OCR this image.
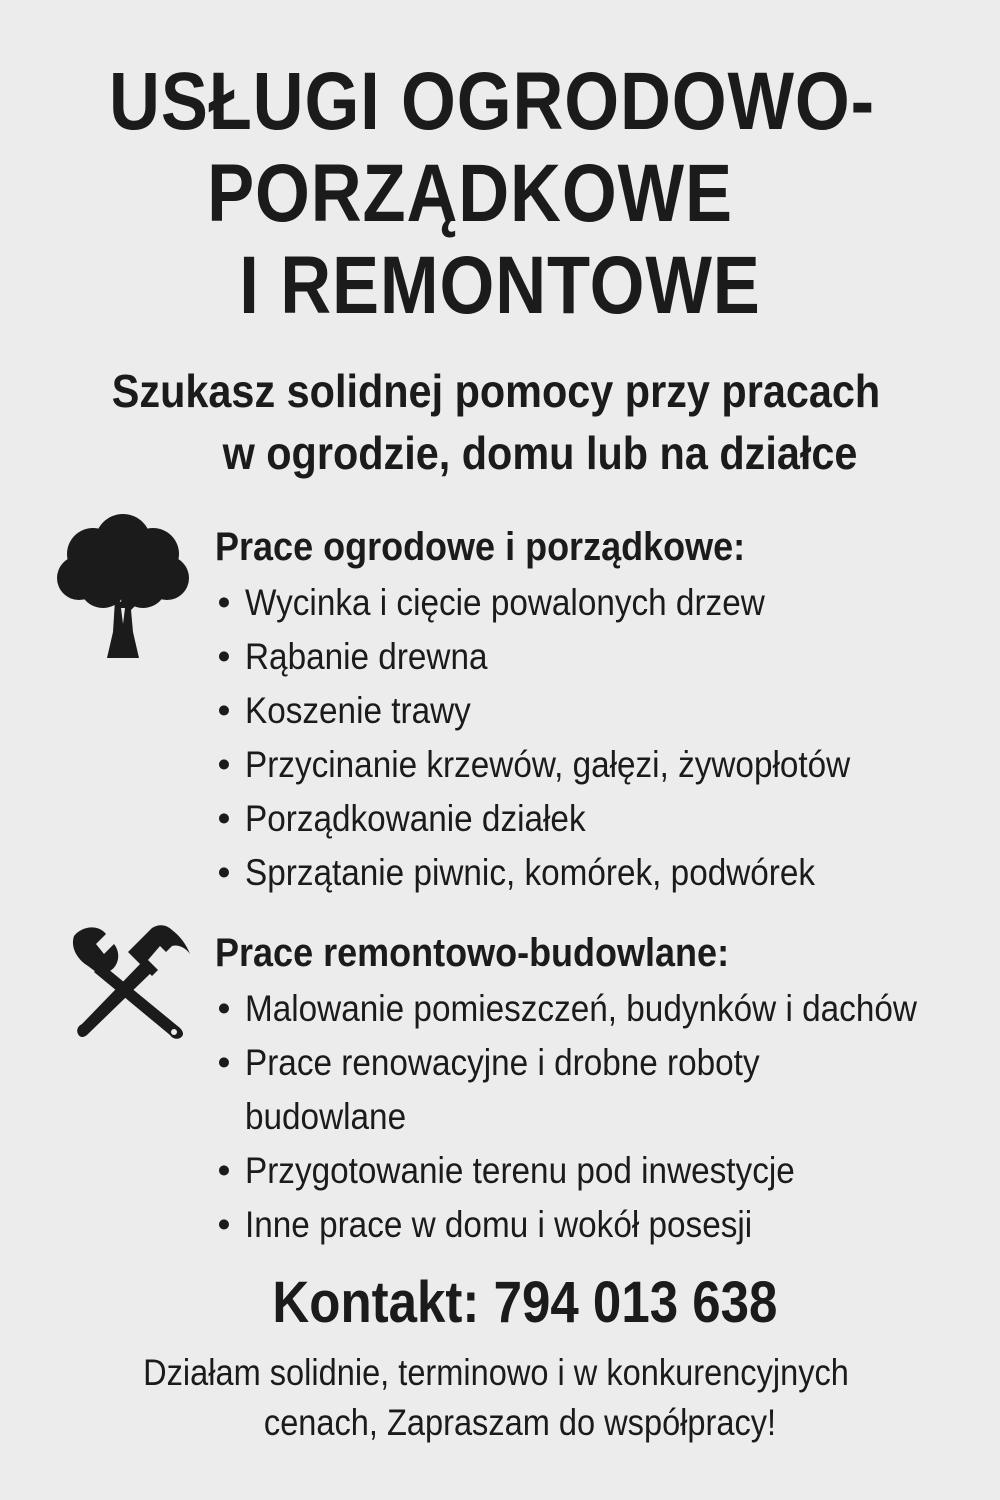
USŁUGI OGRODOWO-
PORZĄDKOWE
I REMONTOWE
Szukasz solidnej pomocy przy pracach
w ogrodzie, domu lub na działce
Prace ogrodowe i porządkowe:
• Wycinka i cięcie powalonych drzew
• Rąbanie drewna
• Koszenie trawy
• Przycinanie krzewów, gałęzi, żywopłotów
• Porządkowanie działek
• Sprzątanie piwnic, komórek, podwórek
Prace remontowo-budowlane:
• Malowanie pomieszczeń, budynków i dachów
• Prace renowacyjne i drobne roboty budowlane
• Przygotowanie terenu pod inwestycje
• Inne prace w domu i wokół posesji
Kontakt: 794 013 638
Działam solidnie, terminowo i w konkurencyjnych
cenach, Zapraszam do współpracy!
